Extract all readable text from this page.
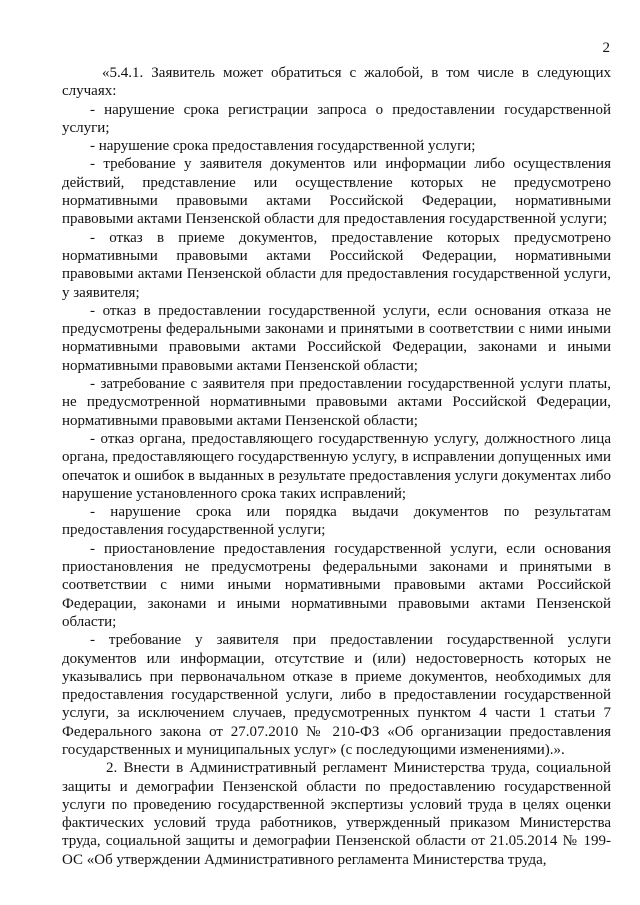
2

«5.4.1. Заявитель может обратиться с жалобой, в том числе в следующих случаях:

- нарушение срока регистрации запроса о предоставлении государственной услуги;

- нарушение срока предоставления государственной услуги;

- требование у заявителя документов или информации либо осуществления действий, представление или осуществление которых не предусмотрено нормативными правовыми актами Российской Федерации, нормативными правовыми актами Пензенской области для предоставления государственной услуги;

- отказ в приеме документов, предоставление которых предусмотрено нормативными правовыми актами Российской Федерации, нормативными правовыми актами Пензенской области для предоставления государственной услуги, у заявителя;

- отказ в предоставлении государственной услуги, если основания отказа не предусмотрены федеральными законами и принятыми в соответствии с ними иными нормативными правовыми актами Российской Федерации, законами и иными нормативными правовыми актами Пензенской области;

- затребование с заявителя при предоставлении государственной услуги платы, не предусмотренной нормативными правовыми актами Российской Федерации, нормативными правовыми актами Пензенской области;

- отказ органа, предоставляющего государственную услугу, должностного лица органа, предоставляющего государственную услугу, в исправлении допущенных ими опечаток и ошибок в выданных в результате предоставления услуги документах либо нарушение установленного срока таких исправлений;

- нарушение срока или порядка выдачи документов по результатам предоставления государственной услуги;

- приостановление предоставления государственной услуги, если основания приостановления не предусмотрены федеральными законами и принятыми в соответствии с ними иными нормативными правовыми актами Российской Федерации, законами и иными нормативными правовыми актами Пензенской области;

- требование у заявителя при предоставлении государственной услуги документов или информации, отсутствие и (или) недостоверность которых не указывались при первоначальном отказе в приеме документов, необходимых для предоставления государственной услуги, либо в предоставлении государственной услуги, за исключением случаев, предусмотренных пунктом 4 части 1 статьи 7 Федерального закона от 27.07.2010 № 210-ФЗ «Об организации предоставления государственных и муниципальных услуг» (с последующими изменениями).».

2. Внести в Административный регламент Министерства труда, социальной защиты и демографии Пензенской области по предоставлению государственной услуги по проведению государственной экспертизы условий труда в целях оценки фактических условий труда работников, утвержденный приказом Министерства труда, социальной защиты и демографии Пензенской области от 21.05.2014 № 199-ОС «Об утверждении Административного регламента Министерства труда,
